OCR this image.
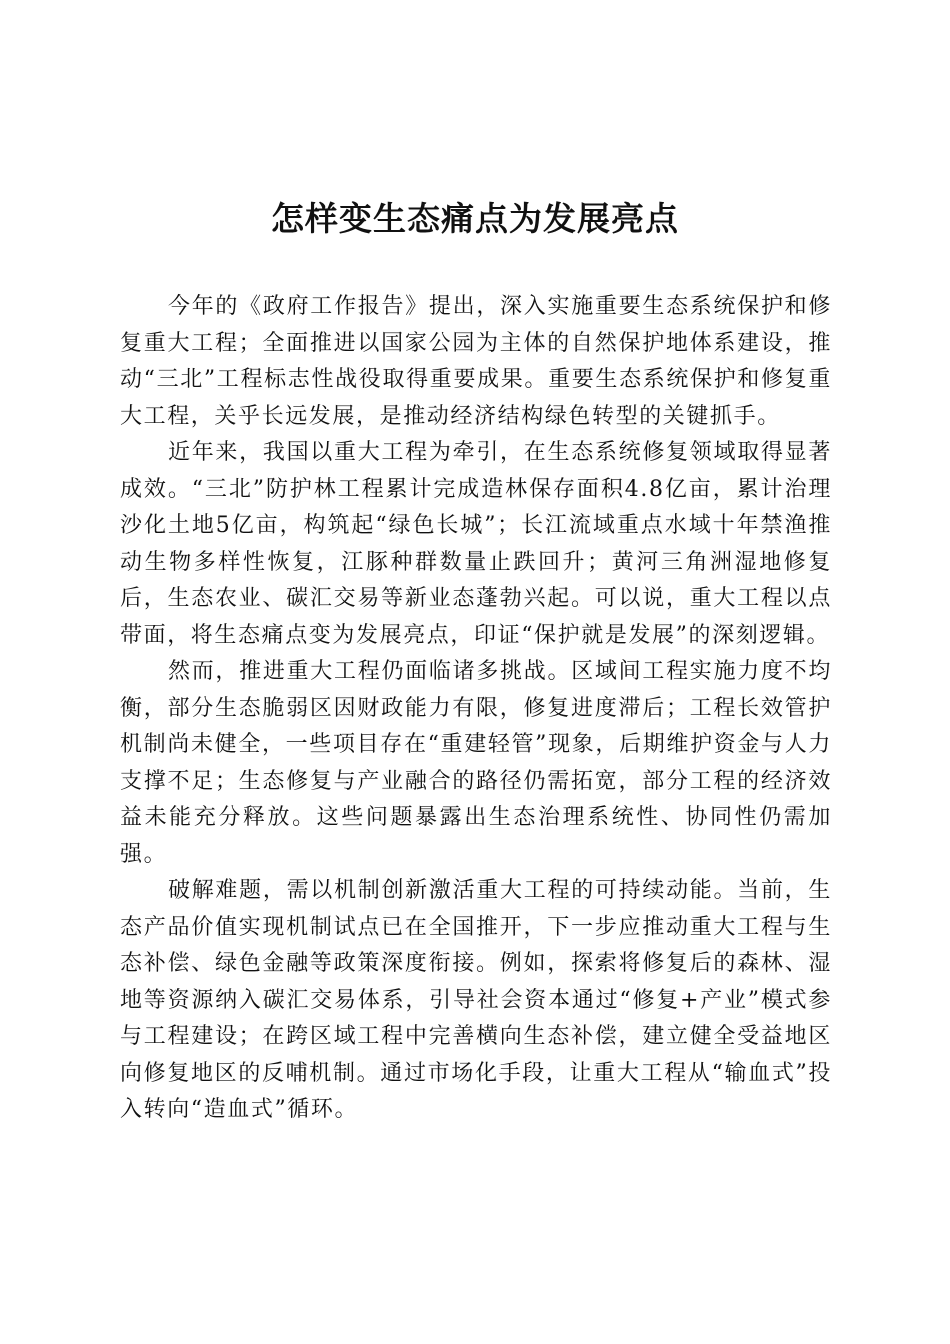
怎样变生态痛点为发展亮点

今年的《政府工作报告》提出，深入实施重要生态系统保护和修复重大工程；全面推进以国家公园为主体的自然保护地体系建设，推动“三北”工程标志性战役取得重要成果。重要生态系统保护和修复重大工程，关乎长远发展，是推动经济结构绿色转型的关键抓手。

近年来，我国以重大工程为牵引，在生态系统修复领域取得显著成效。“三北”防护林工程累计完成造林保存面积4.8亿亩，累计治理沙化土地5亿亩，构筑起“绿色长城”；长江流域重点水域十年禁渔推动生物多样性恢复，江豚种群数量止跌回升；黄河三角洲湿地修复后，生态农业、碳汇交易等新业态蓬勃兴起。可以说，重大工程以点带面，将生态痛点变为发展亮点，印证“保护就是发展”的深刻逻辑。

然而，推进重大工程仍面临诸多挑战。区域间工程实施力度不均衡，部分生态脆弱区因财政能力有限，修复进度滞后；工程长效管护机制尚未健全，一些项目存在“重建轻管”现象，后期维护资金与人力支撑不足；生态修复与产业融合的路径仍需拓宽，部分工程的经济效益未能充分释放。这些问题暴露出生态治理系统性、协同性仍需加强。

破解难题，需以机制创新激活重大工程的可持续动能。当前，生态产品价值实现机制试点已在全国推开，下一步应推动重大工程与生态补偿、绿色金融等政策深度衔接。例如，探索将修复后的森林、湿地等资源纳入碳汇交易体系，引导社会资本通过“修复+产业”模式参与工程建设；在跨区域工程中完善横向生态补偿，建立健全受益地区向修复地区的反哺机制。通过市场化手段，让重大工程从“输血式”投入转向“造血式”循环。
